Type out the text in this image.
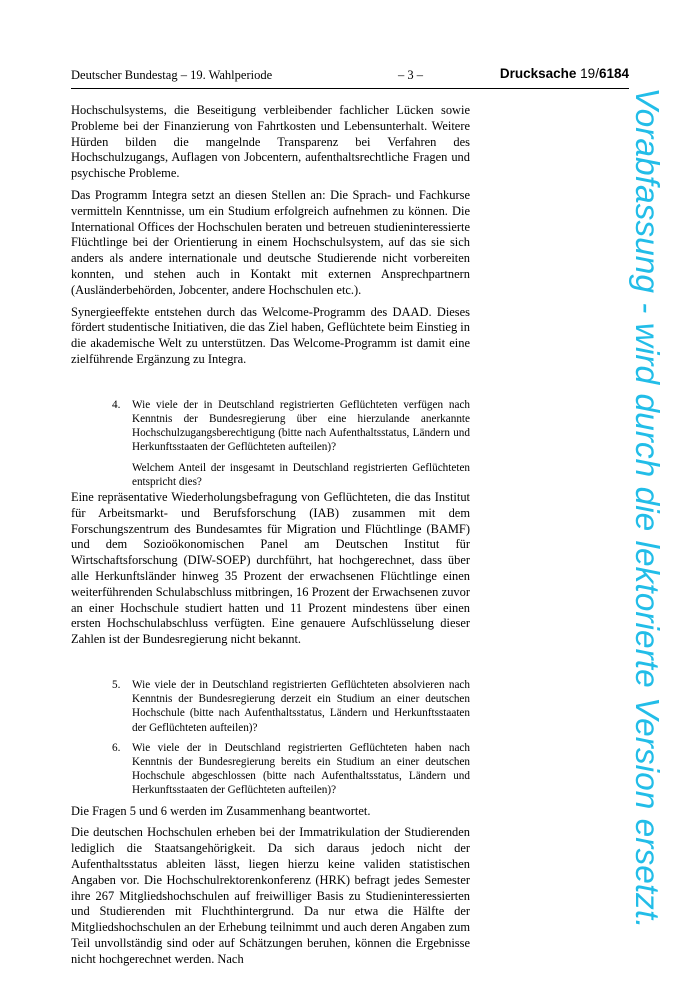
Deutscher Bundestag – 19. Wahlperiode	– 3 –	Drucksache 19/6184

Hochschulsystems, die Beseitigung verbleibender fachlicher Lücken sowie Probleme bei der Finanzierung von Fahrtkosten und Lebensunterhalt. Weitere Hürden bilden die mangelnde Transparenz bei Verfahren des Hochschulzugangs, Auflagen von Jobcentern, aufenthaltsrechtliche Fragen und psychische Probleme.

Das Programm Integra setzt an diesen Stellen an: Die Sprach- und Fachkurse vermitteln Kenntnisse, um ein Studium erfolgreich aufnehmen zu können. Die International Offices der Hochschulen beraten und betreuen studieninteressierte Flüchtlinge bei der Orientierung in einem Hochschulsystem, auf das sie sich anders als andere internationale und deutsche Studierende nicht vorbereiten konnten, und stehen auch in Kontakt mit externen Ansprechpartnern (Ausländerbehörden, Jobcenter, andere Hochschulen etc.).

Synergieeffekte entstehen durch das Welcome-Programm des DAAD. Dieses fördert studentische Initiativen, die das Ziel haben, Geflüchtete beim Einstieg in die akademische Welt zu unterstützen. Das Welcome-Programm ist damit eine zielführende Ergänzung zu Integra.

4. Wie viele der in Deutschland registrierten Geflüchteten verfügen nach Kenntnis der Bundesregierung über eine hierzulande anerkannte Hochschulzugangsberechtigung (bitte nach Aufenthaltsstatus, Ländern und Herkunftsstaaten der Geflüchteten aufteilen)?

Welchem Anteil der insgesamt in Deutschland registrierten Geflüchteten entspricht dies?

Eine repräsentative Wiederholungsbefragung von Geflüchteten, die das Institut für Arbeitsmarkt- und Berufsforschung (IAB) zusammen mit dem Forschungszentrum des Bundesamtes für Migration und Flüchtlinge (BAMF) und dem Sozioökonomischen Panel am Deutschen Institut für Wirtschaftsforschung (DIW-SOEP) durchführt, hat hochgerechnet, dass über alle Herkunftsländer hinweg 35 Prozent der erwachsenen Flüchtlinge einen weiterführenden Schulabschluss mitbringen, 16 Prozent der Erwachsenen zuvor an einer Hochschule studiert hatten und 11 Prozent mindestens über einen ersten Hochschulabschluss verfügten. Eine genauere Aufschlüsselung dieser Zahlen ist der Bundesregierung nicht bekannt.

5. Wie viele der in Deutschland registrierten Geflüchteten absolvieren nach Kenntnis der Bundesregierung derzeit ein Studium an einer deutschen Hochschule (bitte nach Aufenthaltsstatus, Ländern und Herkunftsstaaten der Geflüchteten aufteilen)?

6. Wie viele der in Deutschland registrierten Geflüchteten haben nach Kenntnis der Bundesregierung bereits ein Studium an einer deutschen Hochschule abgeschlossen (bitte nach Aufenthaltsstatus, Ländern und Herkunftsstaaten der Geflüchteten aufteilen)?

Die Fragen 5 und 6 werden im Zusammenhang beantwortet.

Die deutschen Hochschulen erheben bei der Immatrikulation der Studierenden lediglich die Staatsangehörigkeit. Da sich daraus jedoch nicht der Aufenthaltsstatus ableiten lässt, liegen hierzu keine validen statistischen Angaben vor. Die Hochschulrektorenkonferenz (HRK) befragt jedes Semester ihre 267 Mitgliedshochschulen auf freiwilliger Basis zu Studieninteressierten und Studierenden mit Fluchthintergrund. Da nur etwa die Hälfte der Mitgliedshochschulen an der Erhebung teilnimmt und auch deren Angaben zum Teil unvollständig sind oder auf Schätzungen beruhen, können die Ergebnisse nicht hochgerechnet werden. Nach

Vorabfassung - wird durch die lektorierte Version ersetzt.
